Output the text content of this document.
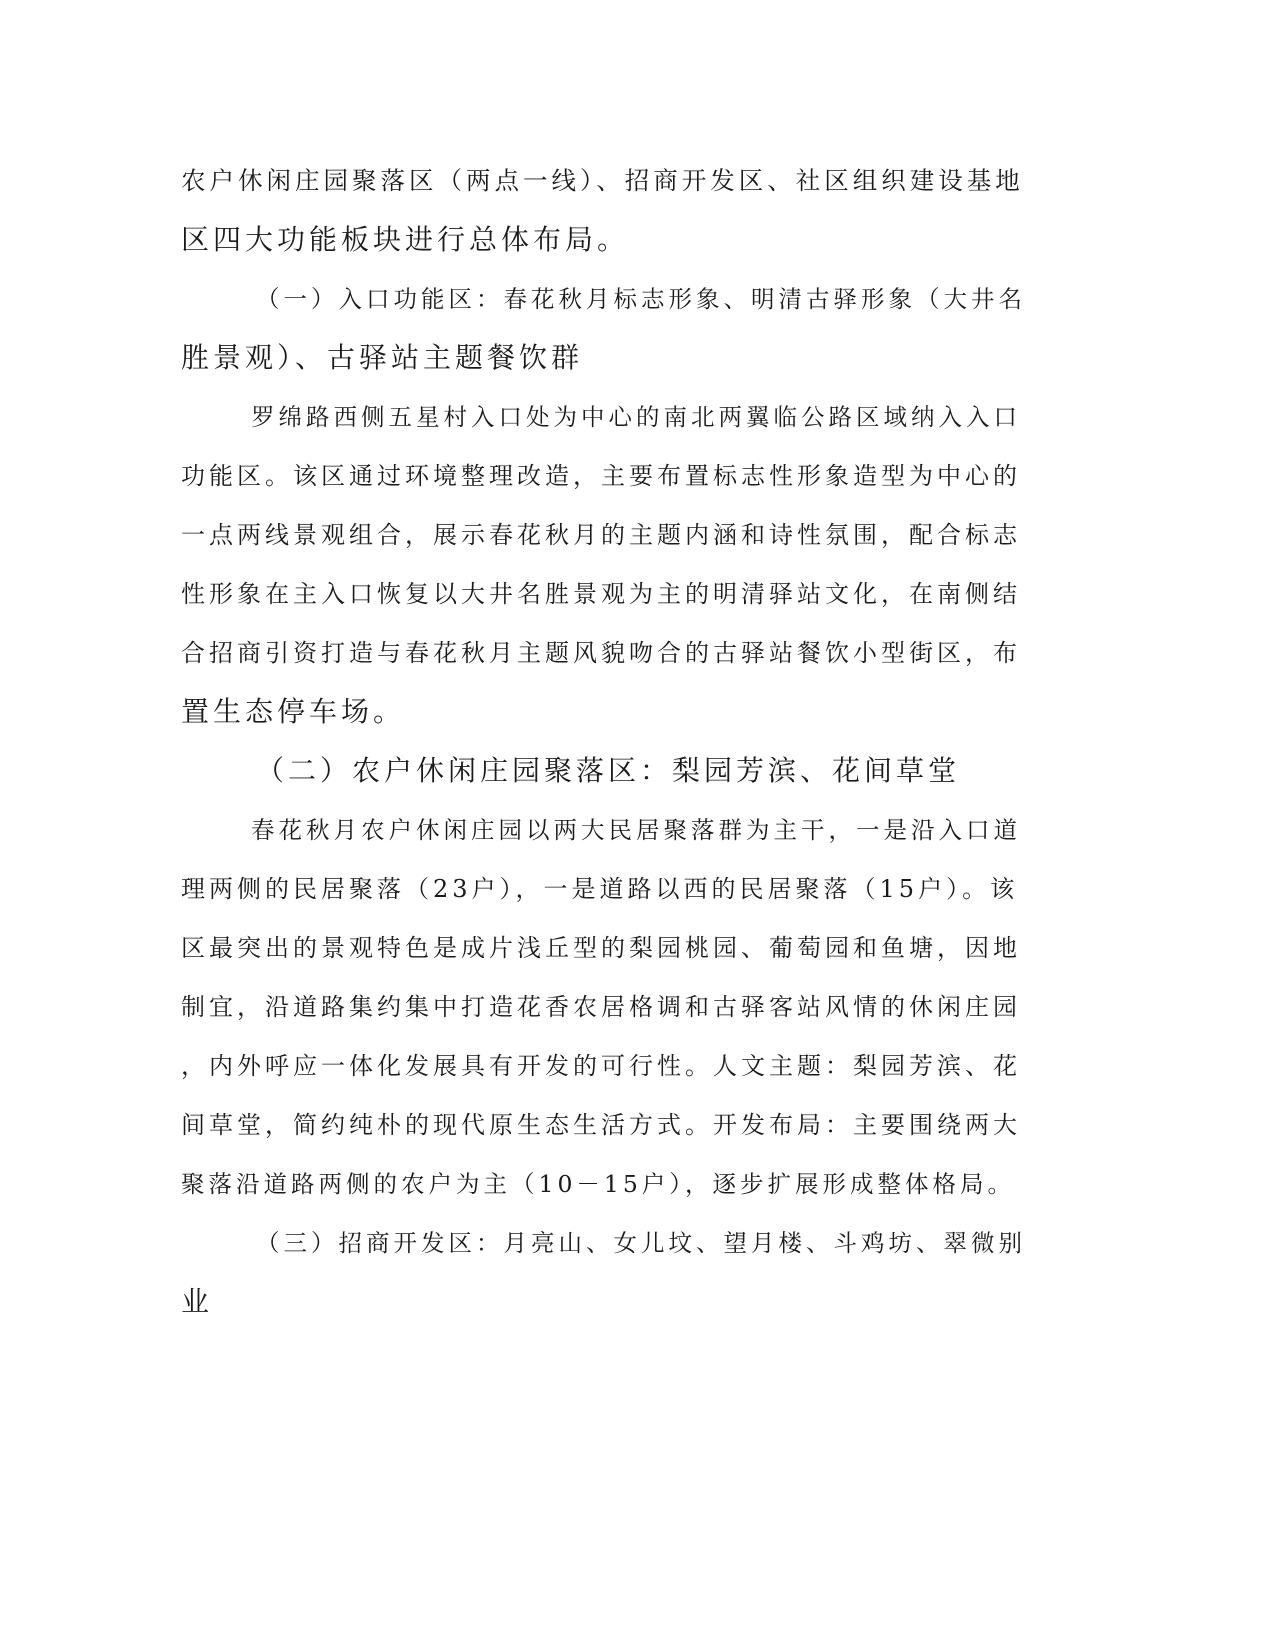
农户休闲庄园聚落区（两点一线）、招商开发区、社区组织建设基地
区四大功能板块进行总体布局。
（一）入口功能区：春花秋月标志形象、明清古驿形象（大井名
胜景观）、古驿站主题餐饮群
罗绵路西侧五星村入口处为中心的南北两翼临公路区域纳入入口
功能区。该区通过环境整理改造，主要布置标志性形象造型为中心的
一点两线景观组合，展示春花秋月的主题内涵和诗性氛围，配合标志
性形象在主入口恢复以大井名胜景观为主的明清驿站文化，在南侧结
合招商引资打造与春花秋月主题风貌吻合的古驿站餐饮小型街区，布
置生态停车场。
（二）农户休闲庄园聚落区：梨园芳滨、花间草堂
春花秋月农户休闲庄园以两大民居聚落群为主干，一是沿入口道
理两侧的民居聚落（23户），一是道路以西的民居聚落（15户）。该
区最突出的景观特色是成片浅丘型的梨园桃园、葡萄园和鱼塘，因地
制宜，沿道路集约集中打造花香农居格调和古驿客站风情的休闲庄园
，内外呼应一体化发展具有开发的可行性。人文主题：梨园芳滨、花
间草堂，简约纯朴的现代原生态生活方式。开发布局：主要围绕两大
聚落沿道路两侧的农户为主（10－15户），逐步扩展形成整体格局。
（三）招商开发区：月亮山、女儿坟、望月楼、斗鸡坊、翠微别
业
